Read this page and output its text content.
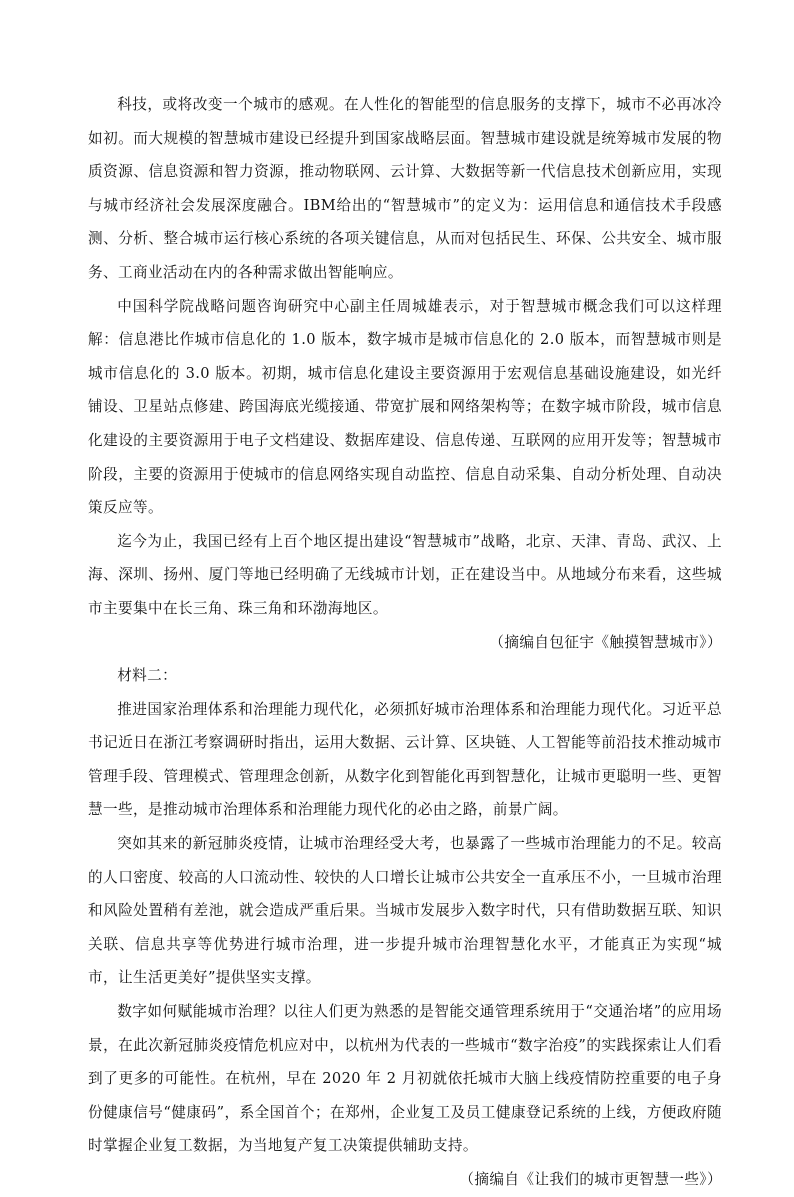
科技，或将改变一个城市的感观。在人性化的智能型的信息服务的支撑下，城市不必再冰冷如初。而大规模的智慧城市建设已经提升到国家战略层面。智慧城市建设就是统筹城市发展的物质资源、信息资源和智力资源，推动物联网、云计算、大数据等新一代信息技术创新应用，实现与城市经济社会发展深度融合。IBM给出的“智慧城市”的定义为：运用信息和通信技术手段感测、分析、整合城市运行核心系统的各项关键信息，从而对包括民生、环保、公共安全、城市服务、工商业活动在内的各种需求做出智能响应。

中国科学院战略问题咨询研究中心副主任周城雄表示，对于智慧城市概念我们可以这样理解：信息港比作城市信息化的 1.0 版本，数字城市是城市信息化的 2.0 版本，而智慧城市则是城市信息化的 3.0 版本。初期，城市信息化建设主要资源用于宏观信息基础设施建设，如光纤铺设、卫星站点修建、跨国海底光缆接通、带宽扩展和网络架构等；在数字城市阶段，城市信息化建设的主要资源用于电子文档建设、数据库建设、信息传递、互联网的应用开发等；智慧城市阶段，主要的资源用于使城市的信息网络实现自动监控、信息自动采集、自动分析处理、自动决策反应等。

迄今为止，我国已经有上百个地区提出建设“智慧城市”战略，北京、天津、青岛、武汉、上海、深圳、扬州、厦门等地已经明确了无线城市计划，正在建设当中。从地域分布来看，这些城市主要集中在长三角、珠三角和环渤海地区。

（摘编自包征宇《触摸智慧城市》）

材料二：

推进国家治理体系和治理能力现代化，必须抓好城市治理体系和治理能力现代化。习近平总书记近日在浙江考察调研时指出，运用大数据、云计算、区块链、人工智能等前沿技术推动城市管理手段、管理模式、管理理念创新，从数字化到智能化再到智慧化，让城市更聪明一些、更智慧一些，是推动城市治理体系和治理能力现代化的必由之路，前景广阔。

突如其来的新冠肺炎疫情，让城市治理经受大考，也暴露了一些城市治理能力的不足。较高的人口密度、较高的人口流动性、较快的人口增长让城市公共安全一直承压不小，一旦城市治理和风险处置稍有差池，就会造成严重后果。当城市发展步入数字时代，只有借助数据互联、知识关联、信息共享等优势进行城市治理，进一步提升城市治理智慧化水平，才能真正为实现“城市，让生活更美好”提供坚实支撑。

数字如何赋能城市治理？以往人们更为熟悉的是智能交通管理系统用于“交通治堵”的应用场景，在此次新冠肺炎疫情危机应对中，以杭州为代表的一些城市“数字治疫”的实践探索让人们看到了更多的可能性。在杭州，早在 2020 年 2 月初就依托城市大脑上线疫情防控重要的电子身份健康信号“健康码”，系全国首个；在郑州，企业复工及员工健康登记系统的上线，方便政府随时掌握企业复工数据，为当地复产复工决策提供辅助支持。

（摘编自《让我们的城市更智慧一些》）
